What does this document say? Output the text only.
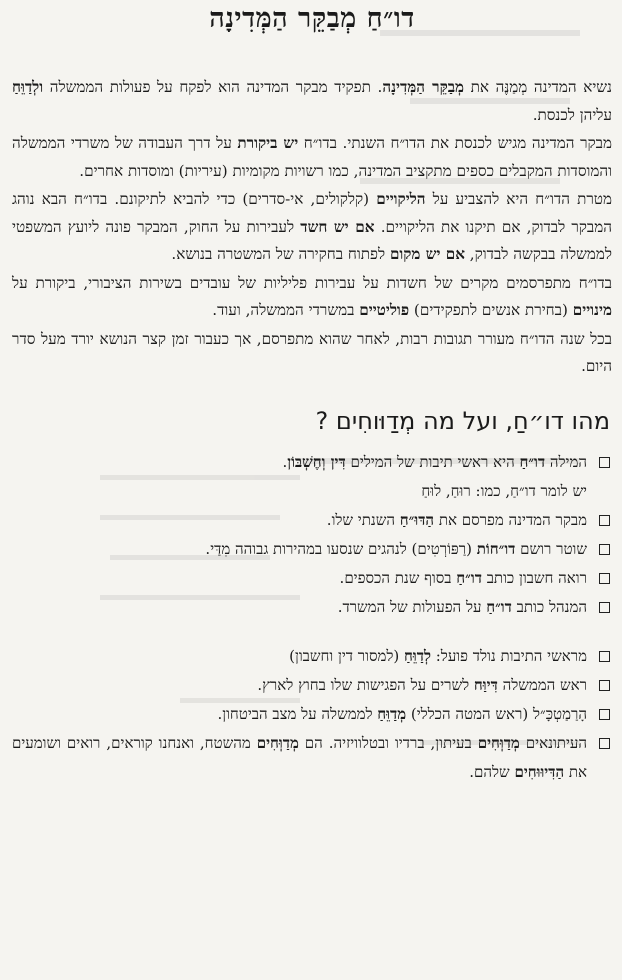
דו״חַ מְבַקֵּר הַמְּדִינָה

נשיא המדינה מְמַנֶּה את מְבַקֵּר הַמְּדִינָה. תפקיד מבקר המדינה הוא לפקח על פעולות הממשלה ולְדַוֵּחַ עליהן לכנסת.

מבקר המדינה מגיש לכנסת את הדו״ח השנתי. בדו״ח יש ביקורת על דרך העבודה של משרדי הממשלה והמוסדות המקבלים כספים מתקציב המדינה, כמו רשויות מקומיות (עיריות) ומוסדות אחרים.

מטרת הדו״ח היא להצביע על הליקויים (קלקולים, אי-סדרים) כדי להביא לתיקונם. בדו״ח הבא נוהג המבקר לבדוק, אם תיקנו את הליקויים. אם יש חשד לעבירות על החוק, המבקר פונה ליועץ המשפטי לממשלה בבקשה לבדוק, אם יש מקום לפתוח בחקירה של המשטרה בנושא.

בדו״ח מתפרסמים מקרים של חשדות על עבירות פליליות של עובדים בשירות הציבורי, ביקורת על מינויים (בחירת אנשים לתפקידים) פוליטיים במשרדי הממשלה, ועוד.

בכל שנה הדו״ח מעורר תגובות רבות, לאחר שהוא מתפרסם, אך כעבור זמן קצר הנושא יורד מעל סדר היום.

מהו דו״חַ, ועל מה מְדַוּוחִים ?
המילה דו״חַ היא ראשי תיבות של המילים דִּין וְחֶשְׁבּוֹן.
יש לומר דו״חַ, כמו: רוּחַ, לוּחַ
מבקר המדינה מפרסם את הַדּוּ״חַ השנתי שלו.
שוטר רושם דו״חוֹת (רַפּוֹרְטִים) לנהגים שנסעו במהירות גבוהה מִדַּי.
רואה חשבון כותב דו״חַ בסוף שנת הכספים.
המנהל כותב דו״חַ על הפעולות של המשרד.
מראשי התיבות נולד פועל: לְדַוֵּחַ (למסור דין וחשבון)
ראש הממשלה דִּיוַּח לשרים על הפגישות שלו בחוץ לארץ.
הָרַמַטְכָּ״ל (ראש המטה הכללי) מְדַוֵּחַ לממשלה על מצב הביטחון.
העיתונאים מְדַוְּחִים בעיתון, ברדיו ובטלוויזיה. הם מְדַוְּחִים מהשטח, ואנחנו קוראים, רואים ושומעים את הַדִּיוּוּחִים שלהם.
